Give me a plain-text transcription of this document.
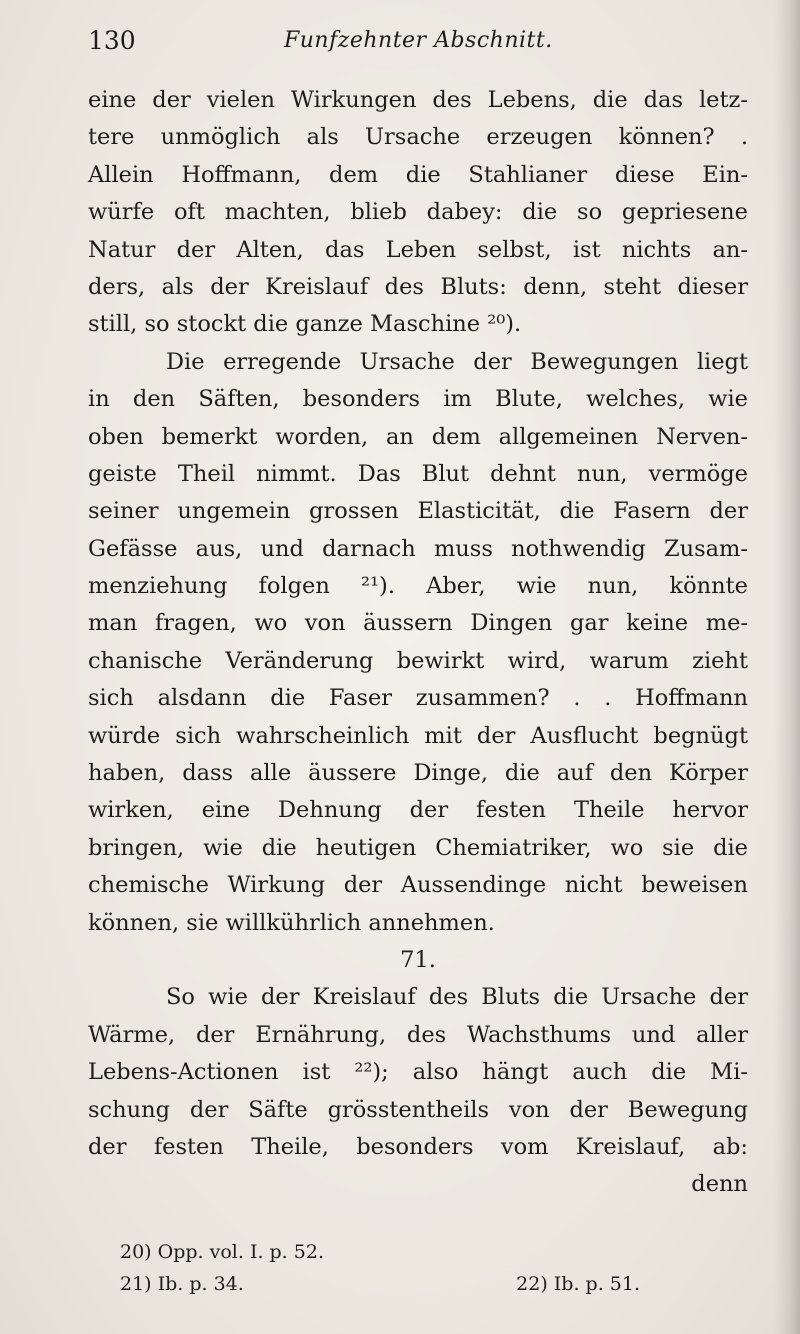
130	Funfzehnter Abschnitt.
eine der vielen Wirkungen des Lebens, die das letz-
tere unmöglich als Ursache erzeugen können? .
Allein Hoffmann, dem die Stahlianer diese Ein-
würfe oft machten, blieb dabey: die so gepriesene
Natur der Alten, das Leben selbst, ist nichts an-
ders, als der Kreislauf des Bluts: denn, steht dieser
still, so stockt die ganze Maschine ²⁰).
Die erregende Ursache der Bewegungen liegt
in den Säften, besonders im Blute, welches, wie
oben bemerkt worden, an dem allgemeinen Nerven-
geiste Theil nimmt. Das Blut dehnt nun, vermöge
seiner ungemein grossen Elasticität, die Fasern der
Gefässe aus, und darnach muss nothwendig Zusam-
menziehung folgen ²¹). Aber, wie nun, könnte
man fragen, wo von äussern Dingen gar keine me-
chanische Veränderung bewirkt wird, warum zieht
sich alsdann die Faser zusammen? . . Hoffmann
würde sich wahrscheinlich mit der Ausflucht begnügt
haben, dass alle äussere Dinge, die auf den Körper
wirken, eine Dehnung der festen Theile hervor
bringen, wie die heutigen Chemiatriker, wo sie die
chemische Wirkung der Aussendinge nicht beweisen
können, sie willkührlich annehmen.
71.
So wie der Kreislauf des Bluts die Ursache der
Wärme, der Ernährung, des Wachsthums und aller
Lebens-Actionen ist ²²); also hängt auch die Mi-
schung der Säfte grösstentheils von der Bewegung
der festen Theile, besonders vom Kreislauf, ab:
denn
20) Opp. vol. I. p. 52.
21) Ib. p. 34.	22) Ib. p. 51.
